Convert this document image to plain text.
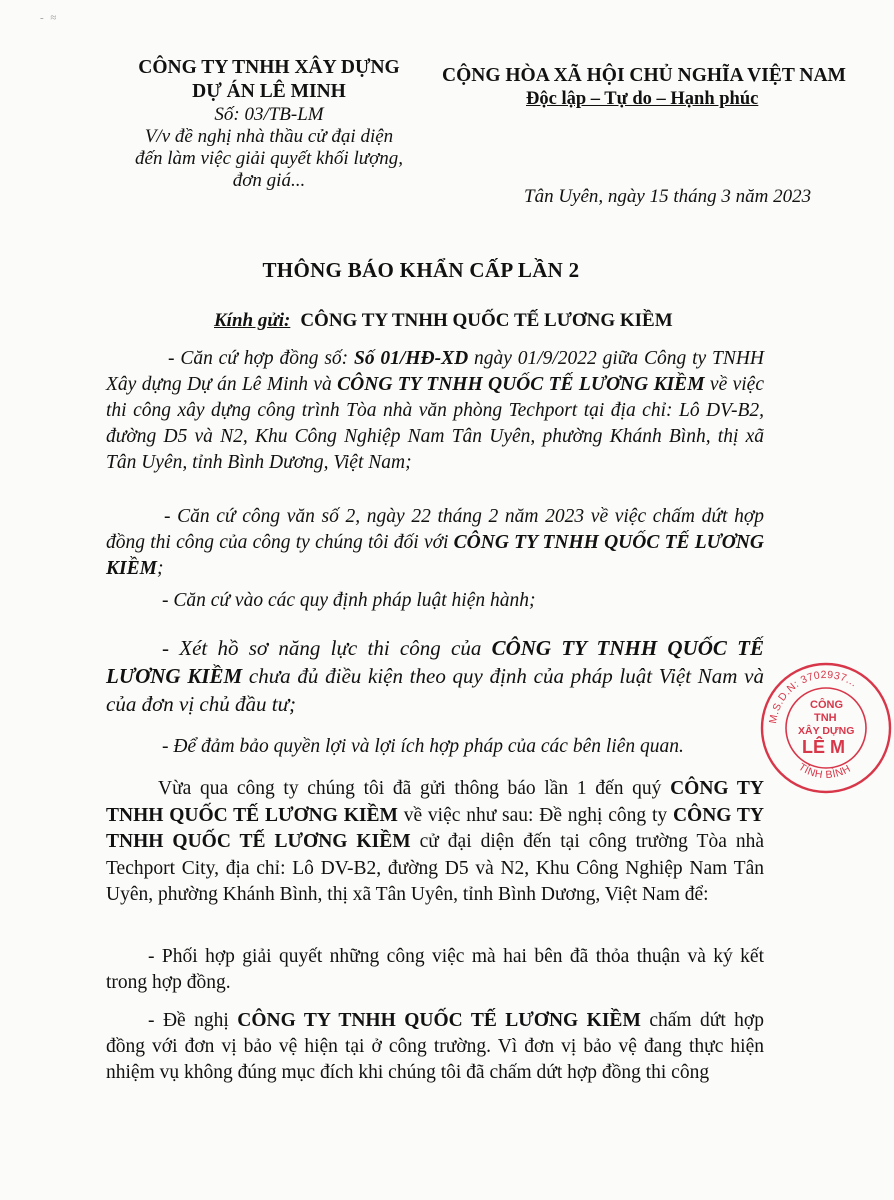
- ≈
CÔNG TY TNHH XÂY DỰNG
DỰ ÁN LÊ MINH
Số: 03/TB-LM
V/v đề nghị nhà thầu cử đại diện
đến làm việc giải quyết khối lượng,
đơn giá...
CỘNG HÒA XÃ HỘI CHỦ NGHĨA VIỆT NAM
Độc lập – Tự do – Hạnh phúc
Tân Uyên, ngày 15 tháng 3 năm 2023
THÔNG BÁO KHẨN CẤP LẦN 2
Kính gửi: CÔNG TY TNHH QUỐC TẾ LƯƠNG KIỀM
- Căn cứ hợp đồng số: Số 01/HĐ-XD ngày 01/9/2022 giữa Công ty TNHH Xây dựng Dự án Lê Minh và CÔNG TY TNHH QUỐC TẾ LƯƠNG KIỀM về việc thi công xây dựng công trình Tòa nhà văn phòng Techport tại địa chỉ: Lô DV-B2, đường D5 và N2, Khu Công Nghiệp Nam Tân Uyên, phường Khánh Bình, thị xã Tân Uyên, tỉnh Bình Dương, Việt Nam;
- Căn cứ công văn số 2, ngày 22 tháng 2 năm 2023 về việc chấm dứt hợp đồng thi công của công ty chúng tôi đối với CÔNG TY TNHH QUỐC TẾ LƯƠNG KIỀM;
- Căn cứ vào các quy định pháp luật hiện hành;
- Xét hồ sơ năng lực thi công của CÔNG TY TNHH QUỐC TẾ LƯƠNG KIỀM chưa đủ điều kiện theo quy định của pháp luật Việt Nam và của đơn vị chủ đầu tư;
- Để đảm bảo quyền lợi và lợi ích hợp pháp của các bên liên quan.
Vừa qua công ty chúng tôi đã gửi thông báo lần 1 đến quý CÔNG TY TNHH QUỐC TẾ LƯƠNG KIỀM về việc như sau: Đề nghị công ty CÔNG TY TNHH QUỐC TẾ LƯƠNG KIỀM cử đại diện đến tại công trường Tòa nhà Techport City, địa chỉ: Lô DV-B2, đường D5 và N2, Khu Công Nghiệp Nam Tân Uyên, phường Khánh Bình, thị xã Tân Uyên, tỉnh Bình Dương, Việt Nam để:
- Phối hợp giải quyết những công việc mà hai bên đã thỏa thuận và ký kết trong hợp đồng.
- Đề nghị CÔNG TY TNHH QUỐC TẾ LƯƠNG KIỀM chấm dứt hợp đồng với đơn vị bảo vệ hiện tại ở công trường. Vì đơn vị bảo vệ đang thực hiện nhiệm vụ không đúng mục đích khi chúng tôi đã chấm dứt hợp đồng thi công
M.S.D.N: 3702937...
TỈNH BÌNH
CÔNG
TNH
XÂY DỰNG
LÊ M
